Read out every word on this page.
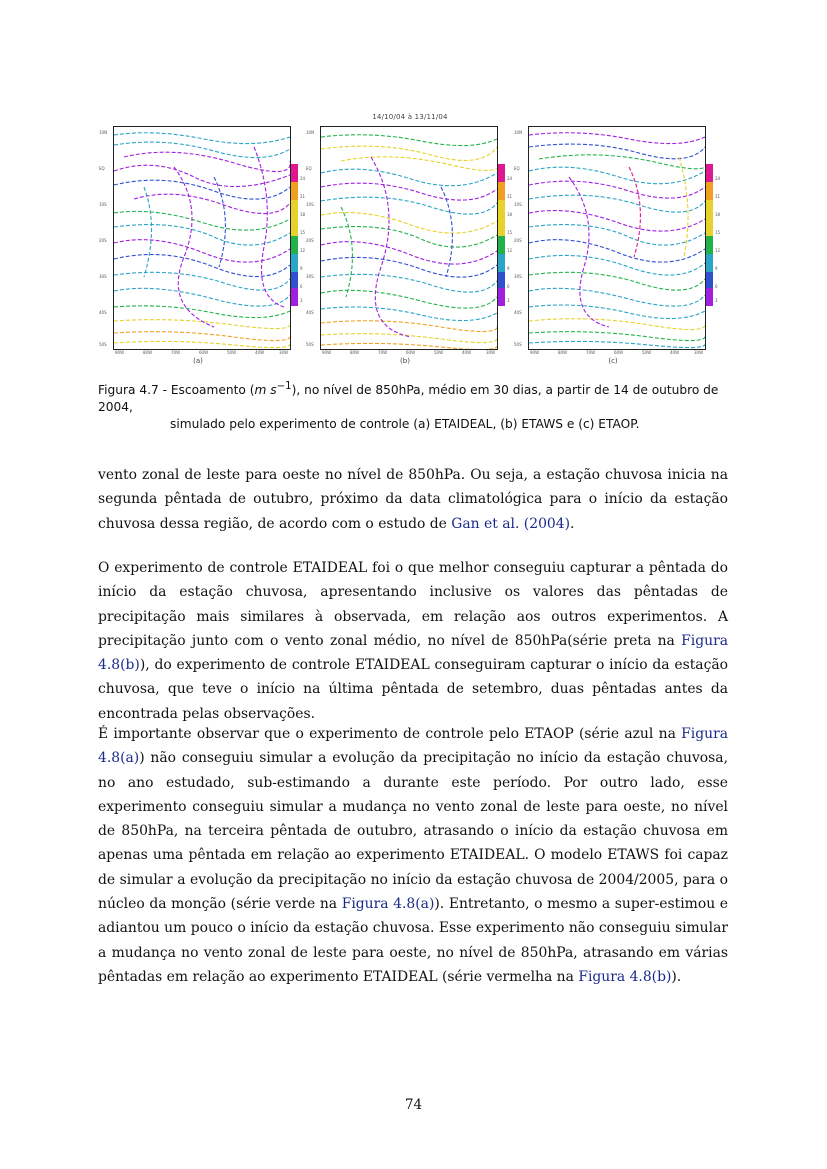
14/10/04 à 13/11/04
10N
EQ
10S
20S
30S
40S
50S
90W	80W	70W	60W	50W	40W	30W
(a)
24
21
18
15
12
9
6
3
10N
EQ
10S
20S
30S
40S
50S
90W	80W	70W	60W	50W	40W	30W
(b)
24
21
18
15
12
9
6
3
10N
EQ
10S
20S
30S
40S
50S
90W	80W	70W	60W	50W	40W	30W
(c)
24
21
18
15
12
9
6
3
Figura 4.7 - Escoamento (m $s^{-1}$), no nível de 850hPa, médio em 30 dias, a partir de 14 de outubro de 2004,
simulado pelo experimento de controle (a) ETAIDEAL, (b) ETAWS e (c) ETAOP.
vento zonal de leste para oeste no nível de 850hPa. Ou seja, a estação chuvosa inicia na segunda pêntada de outubro, próximo da data climatológica para o início da estação chuvosa dessa região, de acordo com o estudo de Gan et al. (2004).
O experimento de controle ETAIDEAL foi o que melhor conseguiu capturar a pêntada do início da estação chuvosa, apresentando inclusive os valores das pêntadas de precipitação mais similares à observada, em relação aos outros experimentos. A precipitação junto com o vento zonal médio, no nível de 850hPa(série preta na Figura 4.8(b)), do experimento de controle ETAIDEAL conseguiram capturar o início da estação chuvosa, que teve o início na última pêntada de setembro, duas pêntadas antes da encontrada pelas observações.
É importante observar que o experimento de controle pelo ETAOP (série azul na Figura 4.8(a)) não conseguiu simular a evolução da precipitação no início da estação chuvosa, no ano estudado, sub-estimando a durante este período. Por outro lado, esse experimento conseguiu simular a mudança no vento zonal de leste para oeste, no nível de 850hPa, na terceira pêntada de outubro, atrasando o início da estação chuvosa em apenas uma pêntada em relação ao experimento ETAIDEAL. O modelo ETAWS foi capaz de simular a evolução da precipitação no início da estação chuvosa de 2004/2005, para o núcleo da monção (série verde na Figura 4.8(a)). Entretanto, o mesmo a super-estimou e adiantou um pouco o início da estação chuvosa. Esse experimento não conseguiu simular a mudança no vento zonal de leste para oeste, no nível de 850hPa, atrasando em várias pêntadas em relação ao experimento ETAIDEAL (série vermelha na Figura 4.8(b)).
74
